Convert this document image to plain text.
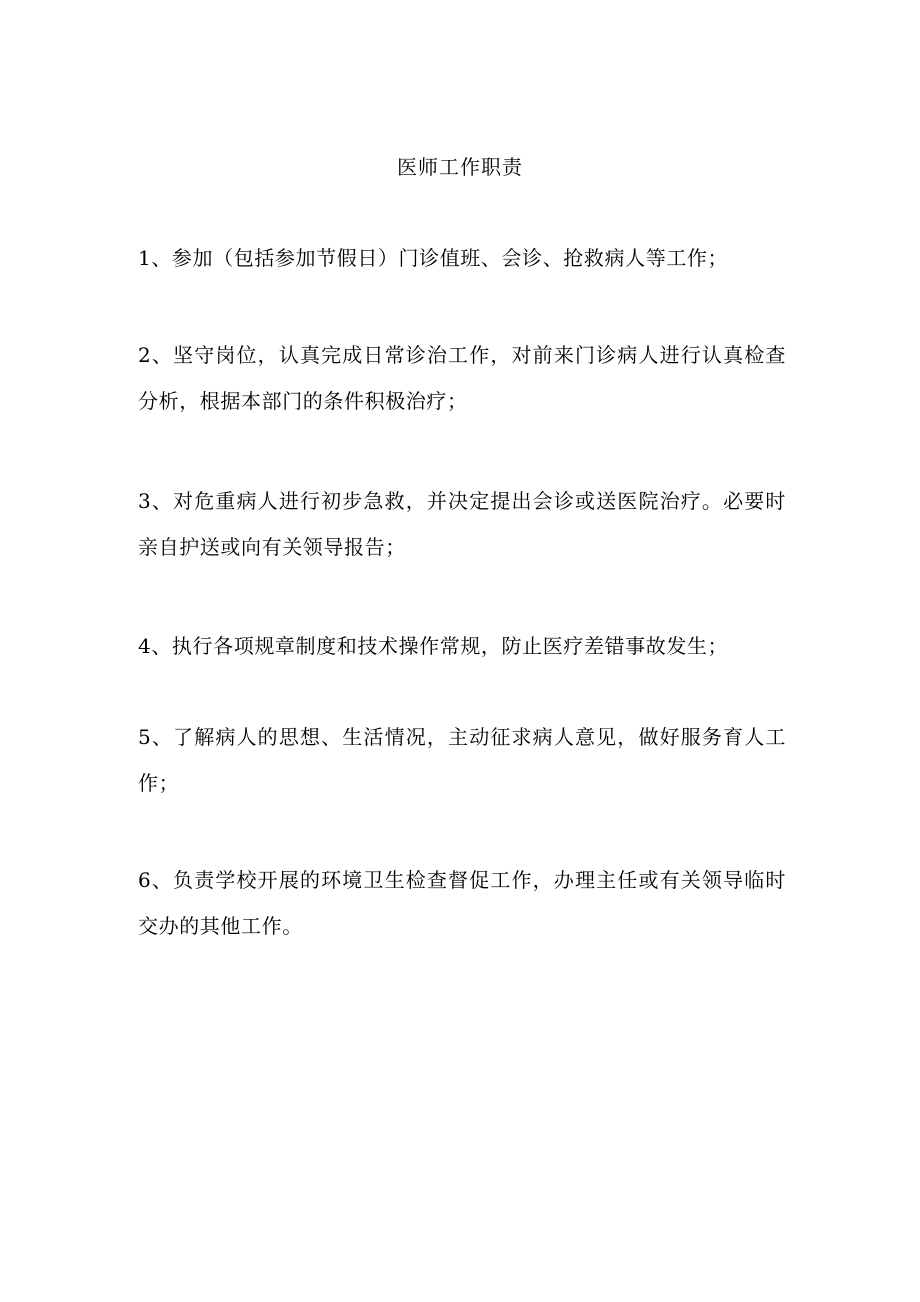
医师工作职责
1、参加（包括参加节假日）门诊值班、会诊、抢救病人等工作；
2、坚守岗位，认真完成日常诊治工作，对前来门诊病人进行认真检查分析，根据本部门的条件积极治疗；
3、对危重病人进行初步急救，并决定提出会诊或送医院治疗。必要时亲自护送或向有关领导报告；
4、执行各项规章制度和技术操作常规，防止医疗差错事故发生；
5、了解病人的思想、生活情况，主动征求病人意见，做好服务育人工作；
6、负责学校开展的环境卫生检查督促工作，办理主任或有关领导临时交办的其他工作。
